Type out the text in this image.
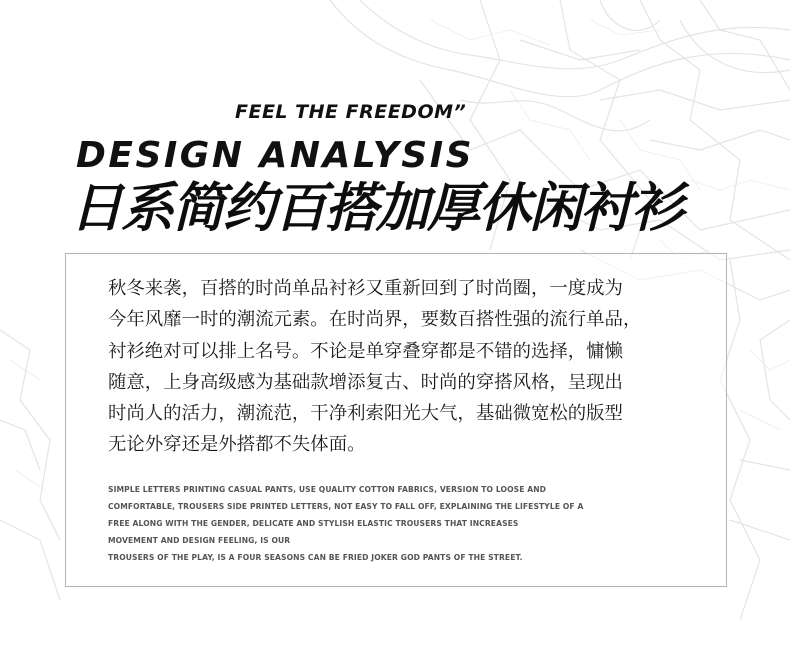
FEEL THE FREEDOM”
DESIGN ANALYSIS
日系简约百搭加厚休闲衬衫
秋冬来袭，百搭的时尚单品衬衫又重新回到了时尚圈，一度成为
今年风靡一时的潮流元素。在时尚界，要数百搭性强的流行单品，
衬衫绝对可以排上名号。不论是单穿叠穿都是不错的选择，慵懒
随意，上身高级感为基础款增添复古、时尚的穿搭风格，呈现出
时尚人的活力，潮流范，干净利索阳光大气，基础微宽松的版型
无论外穿还是外搭都不失体面。
SIMPLE LETTERS PRINTING CASUAL PANTS, USE QUALITY COTTON FABRICS, VERSION TO LOOSE AND
COMFORTABLE, TROUSERS SIDE PRINTED LETTERS, NOT EASY TO FALL OFF, EXPLAINING THE LIFESTYLE OF A
FREE ALONG WITH THE GENDER, DELICATE AND STYLISH ELASTIC TROUSERS THAT INCREASES
MOVEMENT AND DESIGN FEELING, IS OUR
TROUSERS OF THE PLAY, IS A FOUR SEASONS CAN BE FRIED JOKER GOD PANTS OF THE STREET.
